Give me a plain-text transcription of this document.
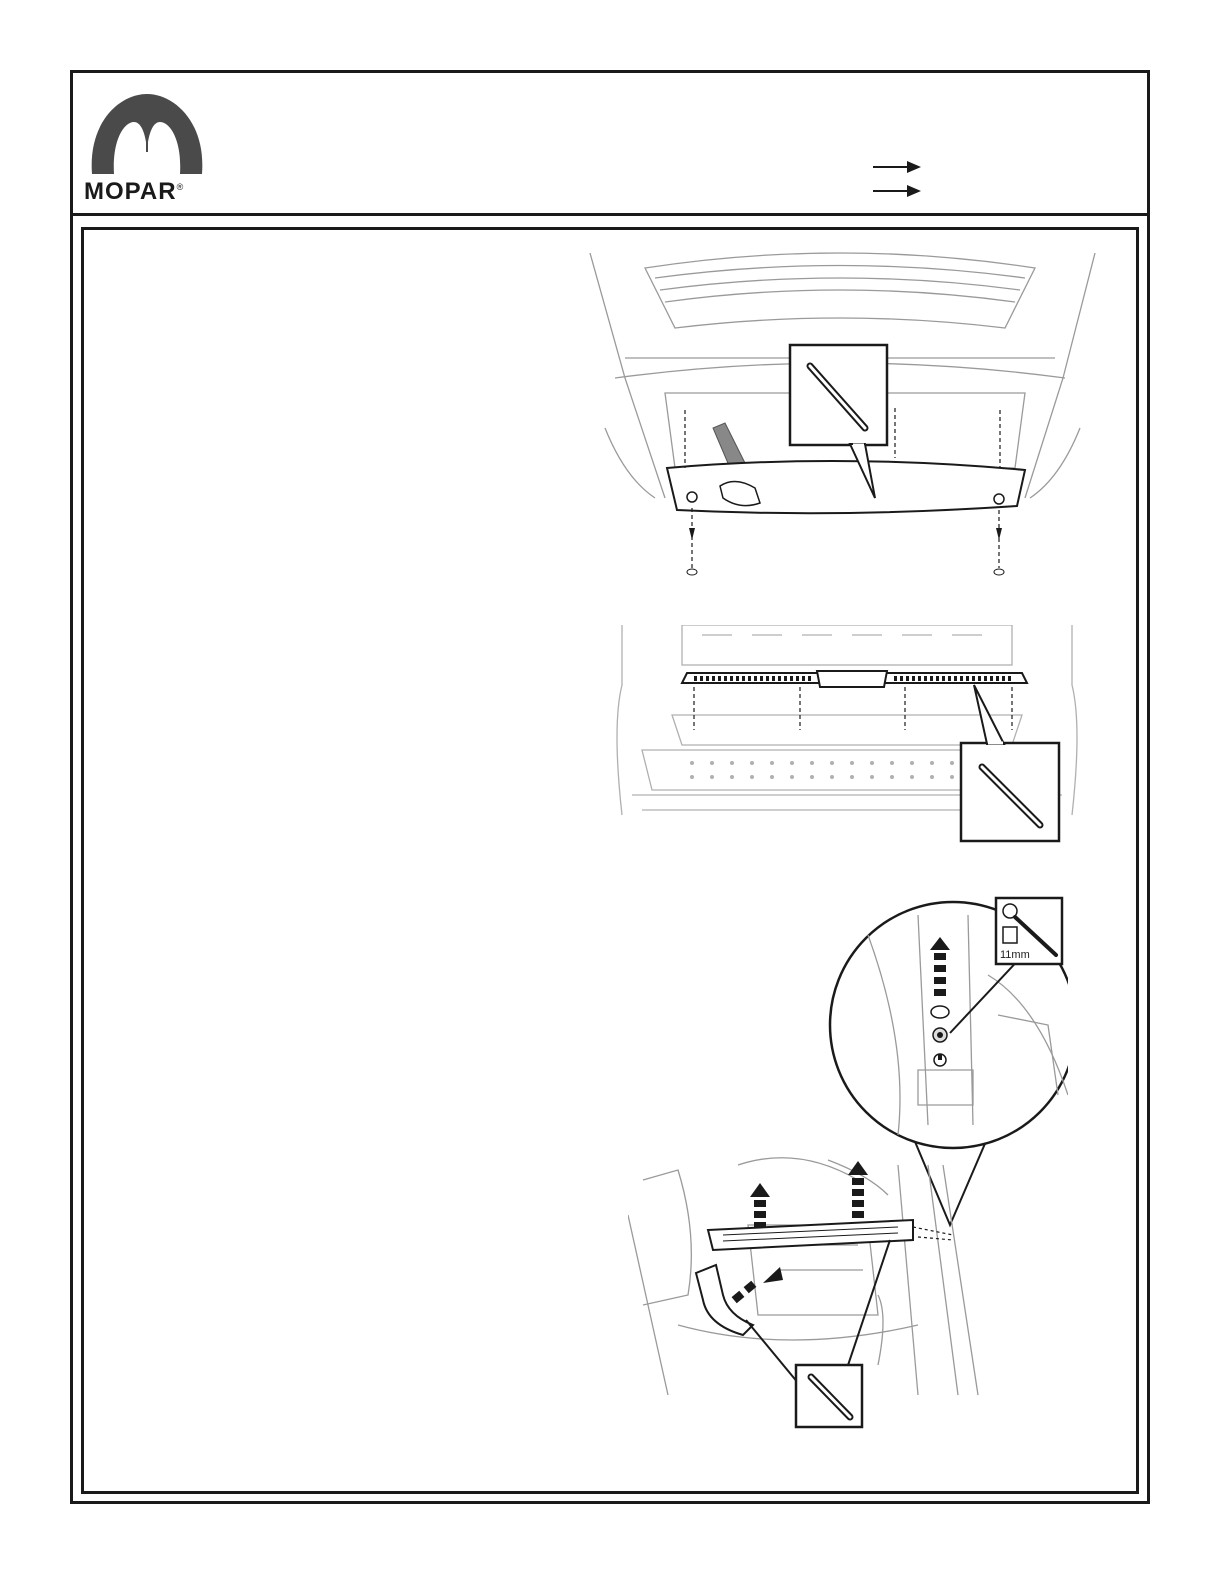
MOPAR®
11mm
